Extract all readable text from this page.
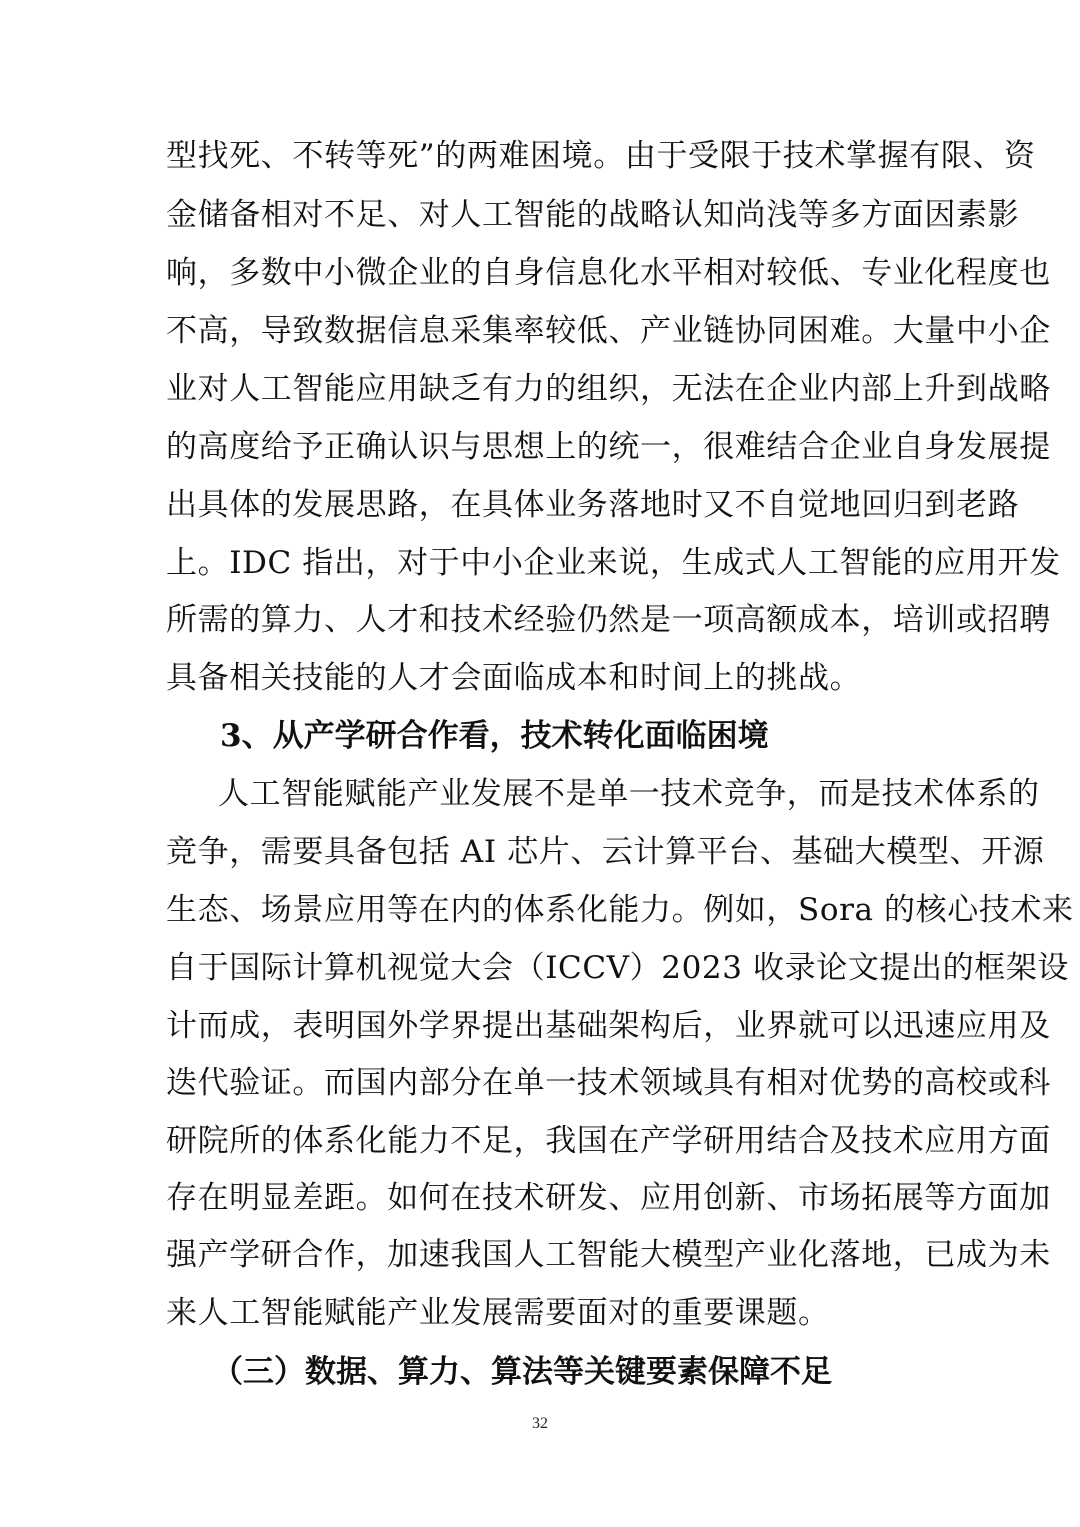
型找死、不转等死”的两难困境。由于受限于技术掌握有限、资
金储备相对不足、对人工智能的战略认知尚浅等多方面因素影
响，多数中小微企业的自身信息化水平相对较低、专业化程度也
不高，导致数据信息采集率较低、产业链协同困难。大量中小企
业对人工智能应用缺乏有力的组织，无法在企业内部上升到战略
的高度给予正确认识与思想上的统一，很难结合企业自身发展提
出具体的发展思路，在具体业务落地时又不自觉地回归到老路
上。IDC 指出，对于中小企业来说，生成式人工智能的应用开发
所需的算力、人才和技术经验仍然是一项高额成本，培训或招聘
具备相关技能的人才会面临成本和时间上的挑战。
3、从产学研合作看，技术转化面临困境
人工智能赋能产业发展不是单一技术竞争，而是技术体系的
竞争，需要具备包括 AI 芯片、云计算平台、基础大模型、开源
生态、场景应用等在内的体系化能力。例如，Sora 的核心技术来
自于国际计算机视觉大会（ICCV）2023 收录论文提出的框架设
计而成，表明国外学界提出基础架构后，业界就可以迅速应用及
迭代验证。而国内部分在单一技术领域具有相对优势的高校或科
研院所的体系化能力不足，我国在产学研用结合及技术应用方面
存在明显差距。如何在技术研发、应用创新、市场拓展等方面加
强产学研合作，加速我国人工智能大模型产业化落地，已成为未
来人工智能赋能产业发展需要面对的重要课题。
（三）数据、算力、算法等关键要素保障不足
32
